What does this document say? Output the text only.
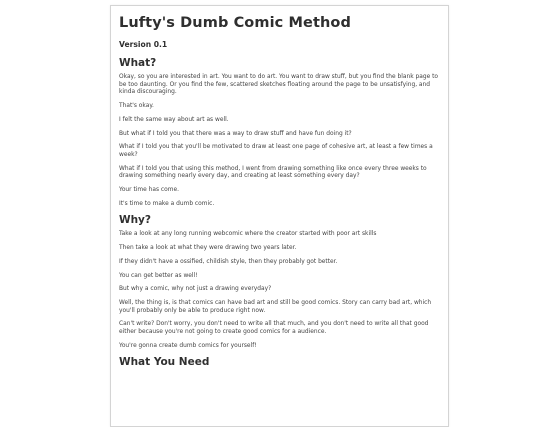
Lufty's Dumb Comic Method
Version 0.1
What?

Okay, so you are interested in art. You want to do art. You want to draw stuff, but you find the blank page to be too daunting. Or you find the few, scattered sketches floating around the page to be unsatisfying, and kinda discouraging.

That's okay.

I felt the same way about art as well.

But what if I told you that there was a way to draw stuff and have fun doing it?

What if I told you that you'll be motivated to draw at least one page of cohesive art, at least a few times a week?

What if I told you that using this method, I went from drawing something like once every three weeks to drawing something nearly every day, and creating at least something every day?

Your time has come.

It's time to make a dumb comic.

Why?

Take a look at any long running webcomic where the creator started with poor art skills

Then take a look at what they were drawing two years later.

If they didn't have a ossified, childish style, then they probably got better.

You can get better as well!

But why a comic, why not just a drawing everyday?

Well, the thing is, is that comics can have bad art and still be good comics. Story can carry bad art, which you'll probably only be able to produce right now.

Can't write? Don't worry, you don't need to write all that much, and you don't need to write all that good either because you're not going to create good comics for a audience.

You're gonna create dumb comics for yourself!

What You Need
